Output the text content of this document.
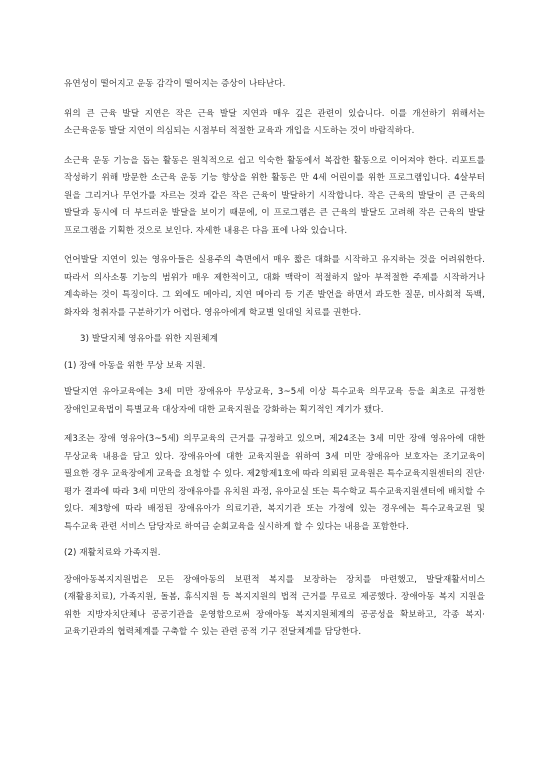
유연성이 떨어지고 운동 감각이 떨어지는 증상이 나타난다.

위의 큰 근육 발달 지연은 작은 근육 발달 지연과 매우 깊은 관련이 있습니다. 이를 개선하기 위해서는 소근육운동 발달 지연이 의심되는 시점부터 적절한 교육과 개입을 시도하는 것이 바람직하다.

소근육 운동 기능을 돕는 활동은 원칙적으로 쉽고 익숙한 활동에서 복잡한 활동으로 이어져야 한다. 리포트를 작성하기 위해 방문한 소근육 운동 기능 향상을 위한 활동은 만 4세 어린이를 위한 프로그램입니다. 4살부터 원을 그리거나 무언가를 자르는 것과 같은 작은 근육이 발달하기 시작합니다. 작은 근육의 발달이 큰 근육의 발달과 동시에 더 부드러운 발달을 보이기 때문에, 이 프로그램은 큰 근육의 발달도 고려해 작은 근육의 발달 프로그램을 기획한 것으로 보인다. 자세한 내용은 다음 표에 나와 있습니다.

언어발달 지연이 있는 영유아들은 실용주의 측면에서 매우 짧은 대화를 시작하고 유지하는 것을 어려워한다. 따라서 의사소통 기능의 범위가 매우 제한적이고, 대화 맥락이 적절하지 않아 부적절한 주제를 시작하거나 계속하는 것이 특징이다. 그 외에도 메아리, 지연 메아리 등 기존 발언을 하면서 과도한 질문, 비사회적 독백, 화자와 청취자를 구분하기가 어렵다. 영유아에게 학교별 일대일 치료를 권한다.

3) 발달지체 영유아를 위한 지원체계

(1) 장애 아동을 위한 무상 보육 지원.

발달지연 유아교육에는 3세 미만 장애유아 무상교육, 3~5세 이상 특수교육 의무교육 등을 최초로 규정한 장애인교육법이 특별교육 대상자에 대한 교육지원을 강화하는 획기적인 계기가 됐다.

제3조는 장애 영유아(3~5세) 의무교육의 근거를 규정하고 있으며, 제24조는 3세 미만 장애 영유아에 대한 무상교육 내용을 담고 있다. 장애유아에 대한 교육지원을 위하여 3세 미만 장애유아 보호자는 조기교육이 필요한 경우 교육장에게 교육을 요청할 수 있다. 제2항제1호에 따라 의뢰된 교육원은 특수교육지원센터의 진단·평가 결과에 따라 3세 미만의 장애유아를 유치원 과정, 유아교실 또는 특수학교 특수교육지원센터에 배치할 수 있다. 제3항에 따라 배정된 장애유아가 의료기관, 복지기관 또는 가정에 있는 경우에는 특수교육교원 및 특수교육 관련 서비스 담당자로 하여금 순회교육을 실시하게 할 수 있다는 내용을 포함한다.

(2) 재활치료와 가족지원.

장애아동복지지원법은 모든 장애아동의 보편적 복지를 보장하는 장치를 마련했고, 발달재활서비스(재활용치료), 가족지원, 돌봄, 휴식지원 등 복지지원의 법적 근거를 무료로 제공했다. 장애아동 복지 지원을 위한 지방자치단체나 공공기관을 운영함으로써 장애아동 복지지원체계의 공공성을 확보하고, 각종 복지·교육기관과의 협력체계를 구축할 수 있는 관련 공적 기구 전달체계를 담당한다.
